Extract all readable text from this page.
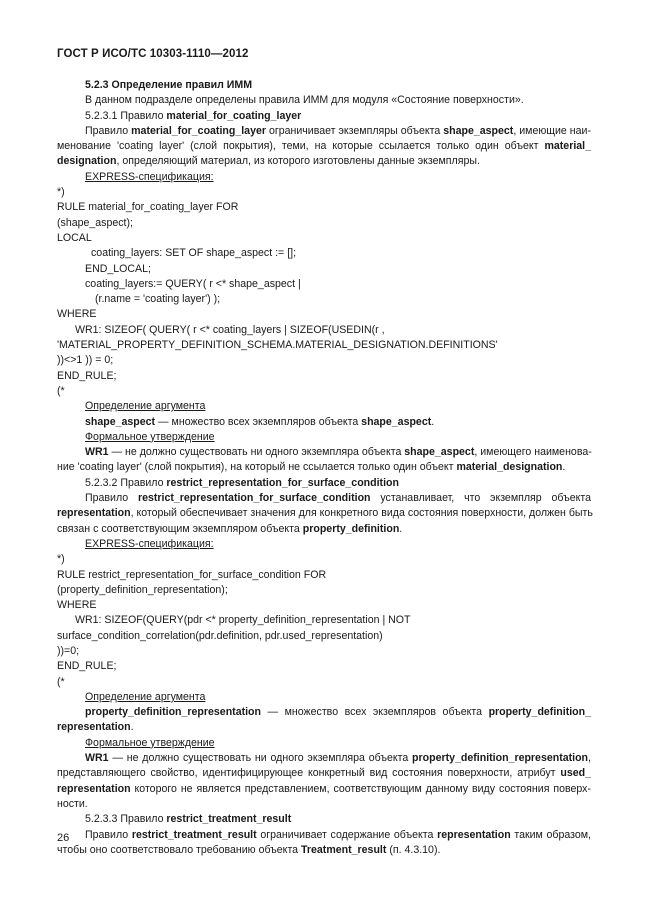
ГОСТ Р ИСО/ТС 10303-1110—2012
5.2.3 Определение правил ИММ
В данном подразделе определены правила ИММ для модуля «Состояние поверхности».
5.2.3.1 Правило material_for_coating_layer
Правило material_for_coating_layer ограничивает экземпляры объекта shape_aspect, имеющие наи-
менование 'coating layer' (слой покрытия), теми, на которые ссылается только один объект material_
designation, определяющий материал, из которого изготовлены данные экземпляры.
EXPRESS-спецификация:
*)
RULE material_for_coating_layer FOR
(shape_aspect);
LOCAL
coating_layers: SET OF shape_aspect := [];
END_LOCAL;
coating_layers:= QUERY( r <* shape_aspect |
(r.name = 'coating layer') );
WHERE
WR1: SIZEOF( QUERY( r <* coating_layers | SIZEOF(USEDIN(r ,
'MATERIAL_PROPERTY_DEFINITION_SCHEMA.MATERIAL_DESIGNATION.DEFINITIONS'
))<>1 )) = 0;
END_RULE;
(*
Определение аргумента
shape_aspect — множество всех экземпляров объекта shape_aspect.
Формальное утверждение
WR1 — не должно существовать ни одного экземпляра объекта shape_aspect, имеющего наименова-
ние 'coating layer' (слой покрытия), на который не ссылается только один объект material_designation.
5.2.3.2 Правило restrict_representation_for_surface_condition
Правило restrict_representation_for_surface_condition устанавливает, что экземпляр объекта
representation, который обеспечивает значения для конкретного вида состояния поверхности, должен быть
связан с соответствующим экземпляром объекта property_definition.
EXPRESS-спецификация:
*)
RULE restrict_representation_for_surface_condition FOR
(property_definition_representation);
WHERE
WR1: SIZEOF(QUERY(pdr <* property_definition_representation | NOT
surface_condition_correlation(pdr.definition, pdr.used_representation)
))=0;
END_RULE;
(*
Определение аргумента
property_definition_representation — множество всех экземпляров объекта property_definition_
representation.
Формальное утверждение
WR1 — не должно существовать ни одного экземпляра объекта property_definition_representation,
представляющего свойство, идентифицирующее конкретный вид состояния поверхности, атрибут used_
representation которого не является представлением, соответствующим данному виду состояния поверх-
ности.
5.2.3.3 Правило restrict_treatment_result
Правило restrict_treatment_result ограничивает содержание объекта representation таким образом,
чтобы оно соответствовало требованию объекта Treatment_result (п. 4.3.10).
26
